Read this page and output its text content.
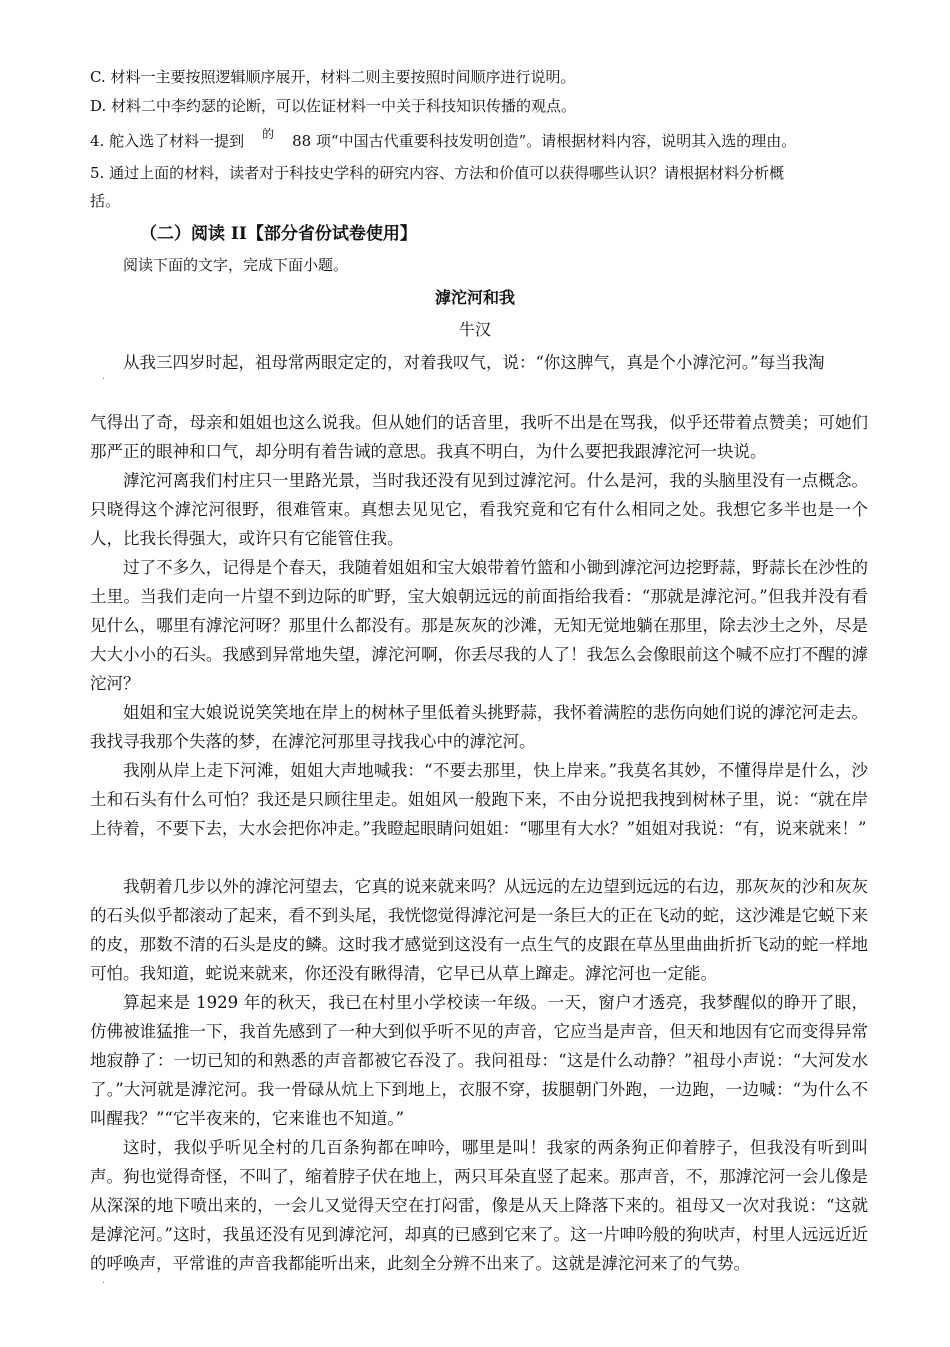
C. 材料一主要按照逻辑顺序展开，材料二则主要按照时间顺序进行说明。
D. 材料二中李约瑟的论断，可以佐证材料一中关于科技知识传播的观点。
4. 舵入选了材料一提到 $^的$ 88 项“中国古代重要科技发明创造”。请根据材料内容，说明其入选的理由。
5. 通过上面的材料，读者对于科技史学科的研究内容、方法和价值可以获得哪些认识？请根据材料分析概
括。
（二）阅读 II【部分省份试卷使用】
阅读下面的文字，完成下面小题。
滹沱河和我
牛汉

从我三四岁时起，祖母常两眼定定的，对着我叹气，说：“你这脾气，真是个小滹沱河。”每当我淘

.

气得出了奇，母亲和姐姐也这么说我。但从她们的话音里，我听不出是在骂我，似乎还带着点赞美；可她们那严正的眼神和口气，却分明有着告诫的意思。我真不明白，为什么要把我跟滹沱河一块说。

滹沱河离我们村庄只一里路光景，当时我还没有见到过滹沱河。什么是河，我的头脑里没有一点概念。只晓得这个滹沱河很野，很难管束。真想去见见它，看我究竟和它有什么相同之处。我想它多半也是一个人，比我长得强大，或许只有它能管住我。

过了不多久，记得是个春天，我随着姐姐和宝大娘带着竹篮和小锄到滹沱河边挖野蒜，野蒜长在沙性的土里。当我们走向一片望不到边际的旷野，宝大娘朝远远的前面指给我看：“那就是滹沱河。”但我并没有看见什么，哪里有滹沱河呀？那里什么都没有。那是灰灰的沙滩，无知无觉地躺在那里，除去沙土之外，尽是大大小小的石头。我感到异常地失望，滹沱河啊，你丢尽我的人了！我怎么会像眼前这个喊不应打不醒的滹沱河？

姐姐和宝大娘说说笑笑地在岸上的树林子里低着头挑野蒜，我怀着满腔的悲伤向她们说的滹沱河走去。我找寻我那个失落的梦，在滹沱河那里寻找我心中的滹沱河。

我刚从岸上走下河滩，姐姐大声地喊我：“不要去那里，快上岸来。”我莫名其妙，不懂得岸是什么，沙土和石头有什么可怕？我还是只顾往里走。姐姐风一般跑下来，不由分说把我拽到树林子里，说：“就在岸上待着，不要下去，大水会把你冲走。”我瞪起眼睛问姐姐：“哪里有大水？”姐姐对我说：“有，说来就来！”

我朝着几步以外的滹沱河望去，它真的说来就来吗？从远远的左边望到远远的右边，那灰灰的沙和灰灰的石头似乎都滚动了起来，看不到头尾，我恍惚觉得滹沱河是一条巨大的正在飞动的蛇，这沙滩是它蜕下来的皮，那数不清的石头是皮的鳞。这时我才感觉到这没有一点生气的皮跟在草丛里曲曲折折飞动的蛇一样地可怕。我知道，蛇说来就来，你还没有瞅得清，它早已从草上蹿走。滹沱河也一定能。

算起来是 1929 年的秋天，我已在村里小学校读一年级。一天，窗户才透亮，我梦醒似的睁开了眼，仿佛被谁猛推一下，我首先感到了一种大到似乎听不见的声音，它应当是声音，但天和地因有它而变得异常地寂静了：一切已知的和熟悉的声音都被它吞没了。我问祖母：“这是什么动静？”祖母小声说：“大河发水了。”大河就是滹沱河。我一骨碌从炕上下到地上，衣服不穿，拔腿朝门外跑，一边跑，一边喊：“为什么不叫醒我？”“它半夜来的，它来谁也不知道。”

这时，我似乎听见全村的几百条狗都在呻吟，哪里是叫！我家的两条狗正仰着脖子，但我没有听到叫声。狗也觉得奇怪，不叫了，缩着脖子伏在地上，两只耳朵直竖了起来。那声音，不，那滹沱河一会儿像是从深深的地下喷出来的，一会儿又觉得天空在打闷雷，像是从天上降落下来的。祖母又一次对我说：“这就是滹沱河。”这时，我虽还没有见到滹沱河，却真的已感到它来了。这一片呻吟般的狗吠声，村里人远远近近的呼唤声，平常谁的声音我都能听出来，此刻全分辨不出来了。这就是滹沱河来了的气势。

.
